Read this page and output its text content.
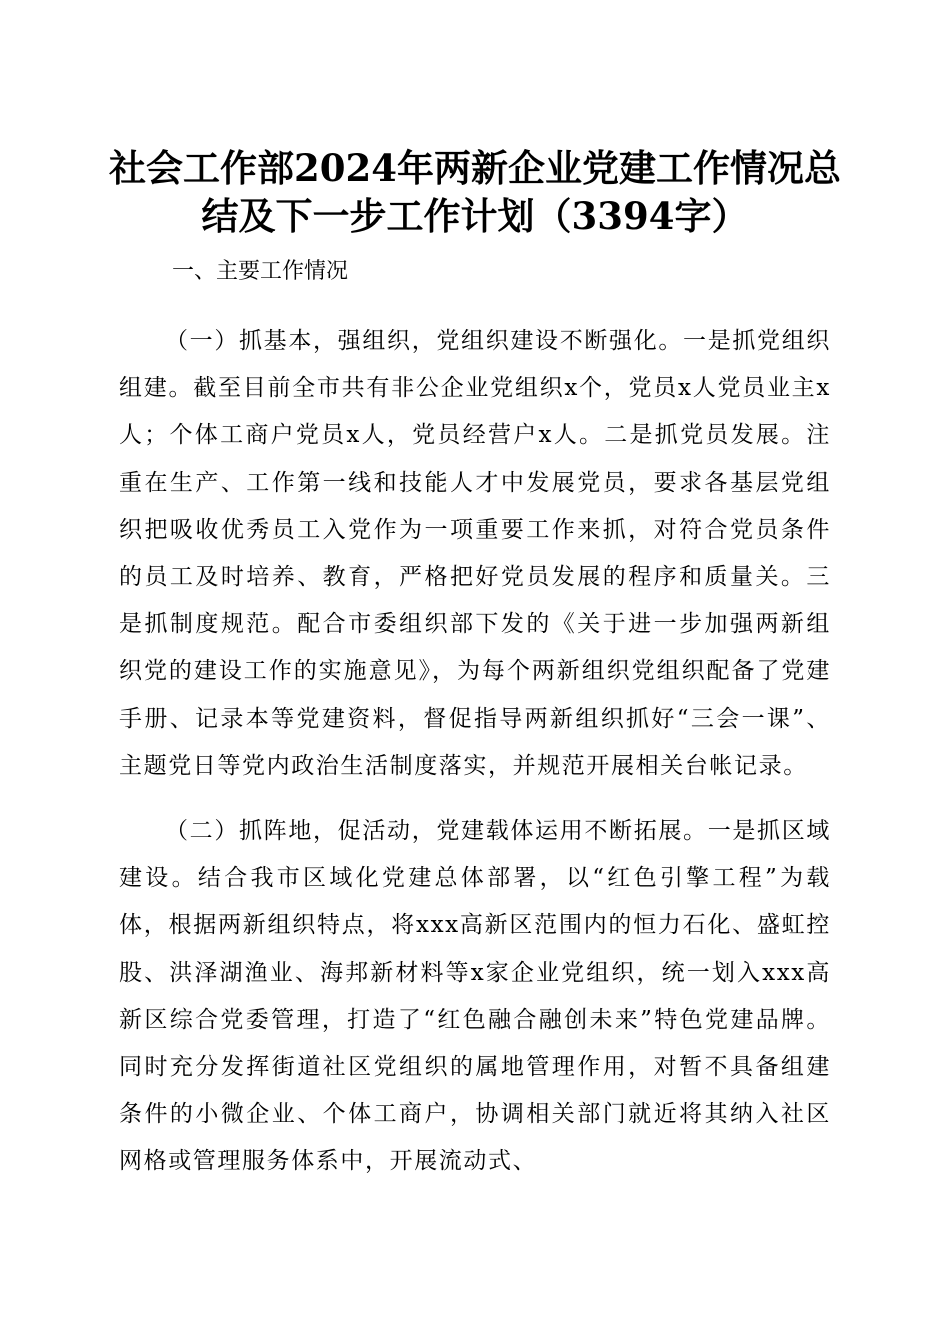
社会工作部2024年两新企业党建工作情况总
结及下一步工作计划（3394字）
一、主要工作情况
（一）抓基本，强组织，党组织建设不断强化。一是抓党组织组建。截至目前全市共有非公企业党组织x个，党员x人党员业主x人；个体工商户党员x人，党员经营户x人。二是抓党员发展。注重在生产、工作第一线和技能人才中发展党员，要求各基层党组织把吸收优秀员工入党作为一项重要工作来抓，对符合党员条件的员工及时培养、教育，严格把好党员发展的程序和质量关。三是抓制度规范。配合市委组织部下发的《关于进一步加强两新组织党的建设工作的实施意见》，为每个两新组织党组织配备了党建手册、记录本等党建资料，督促指导两新组织抓好“三会一课”、主题党日等党内政治生活制度落实，并规范开展相关台帐记录。
（二）抓阵地，促活动，党建载体运用不断拓展。一是抓区域建设。结合我市区域化党建总体部署，以“红色引擎工程”为载体，根据两新组织特点，将xxx高新区范围内的恒力石化、盛虹控股、洪泽湖渔业、海邦新材料等x家企业党组织，统一划入xxx高新区综合党委管理，打造了“红色融合融创未来”特色党建品牌。同时充分发挥街道社区党组织的属地管理作用，对暂不具备组建条件的小微企业、个体工商户，协调相关部门就近将其纳入社区网格或管理服务体系中，开展流动式、
